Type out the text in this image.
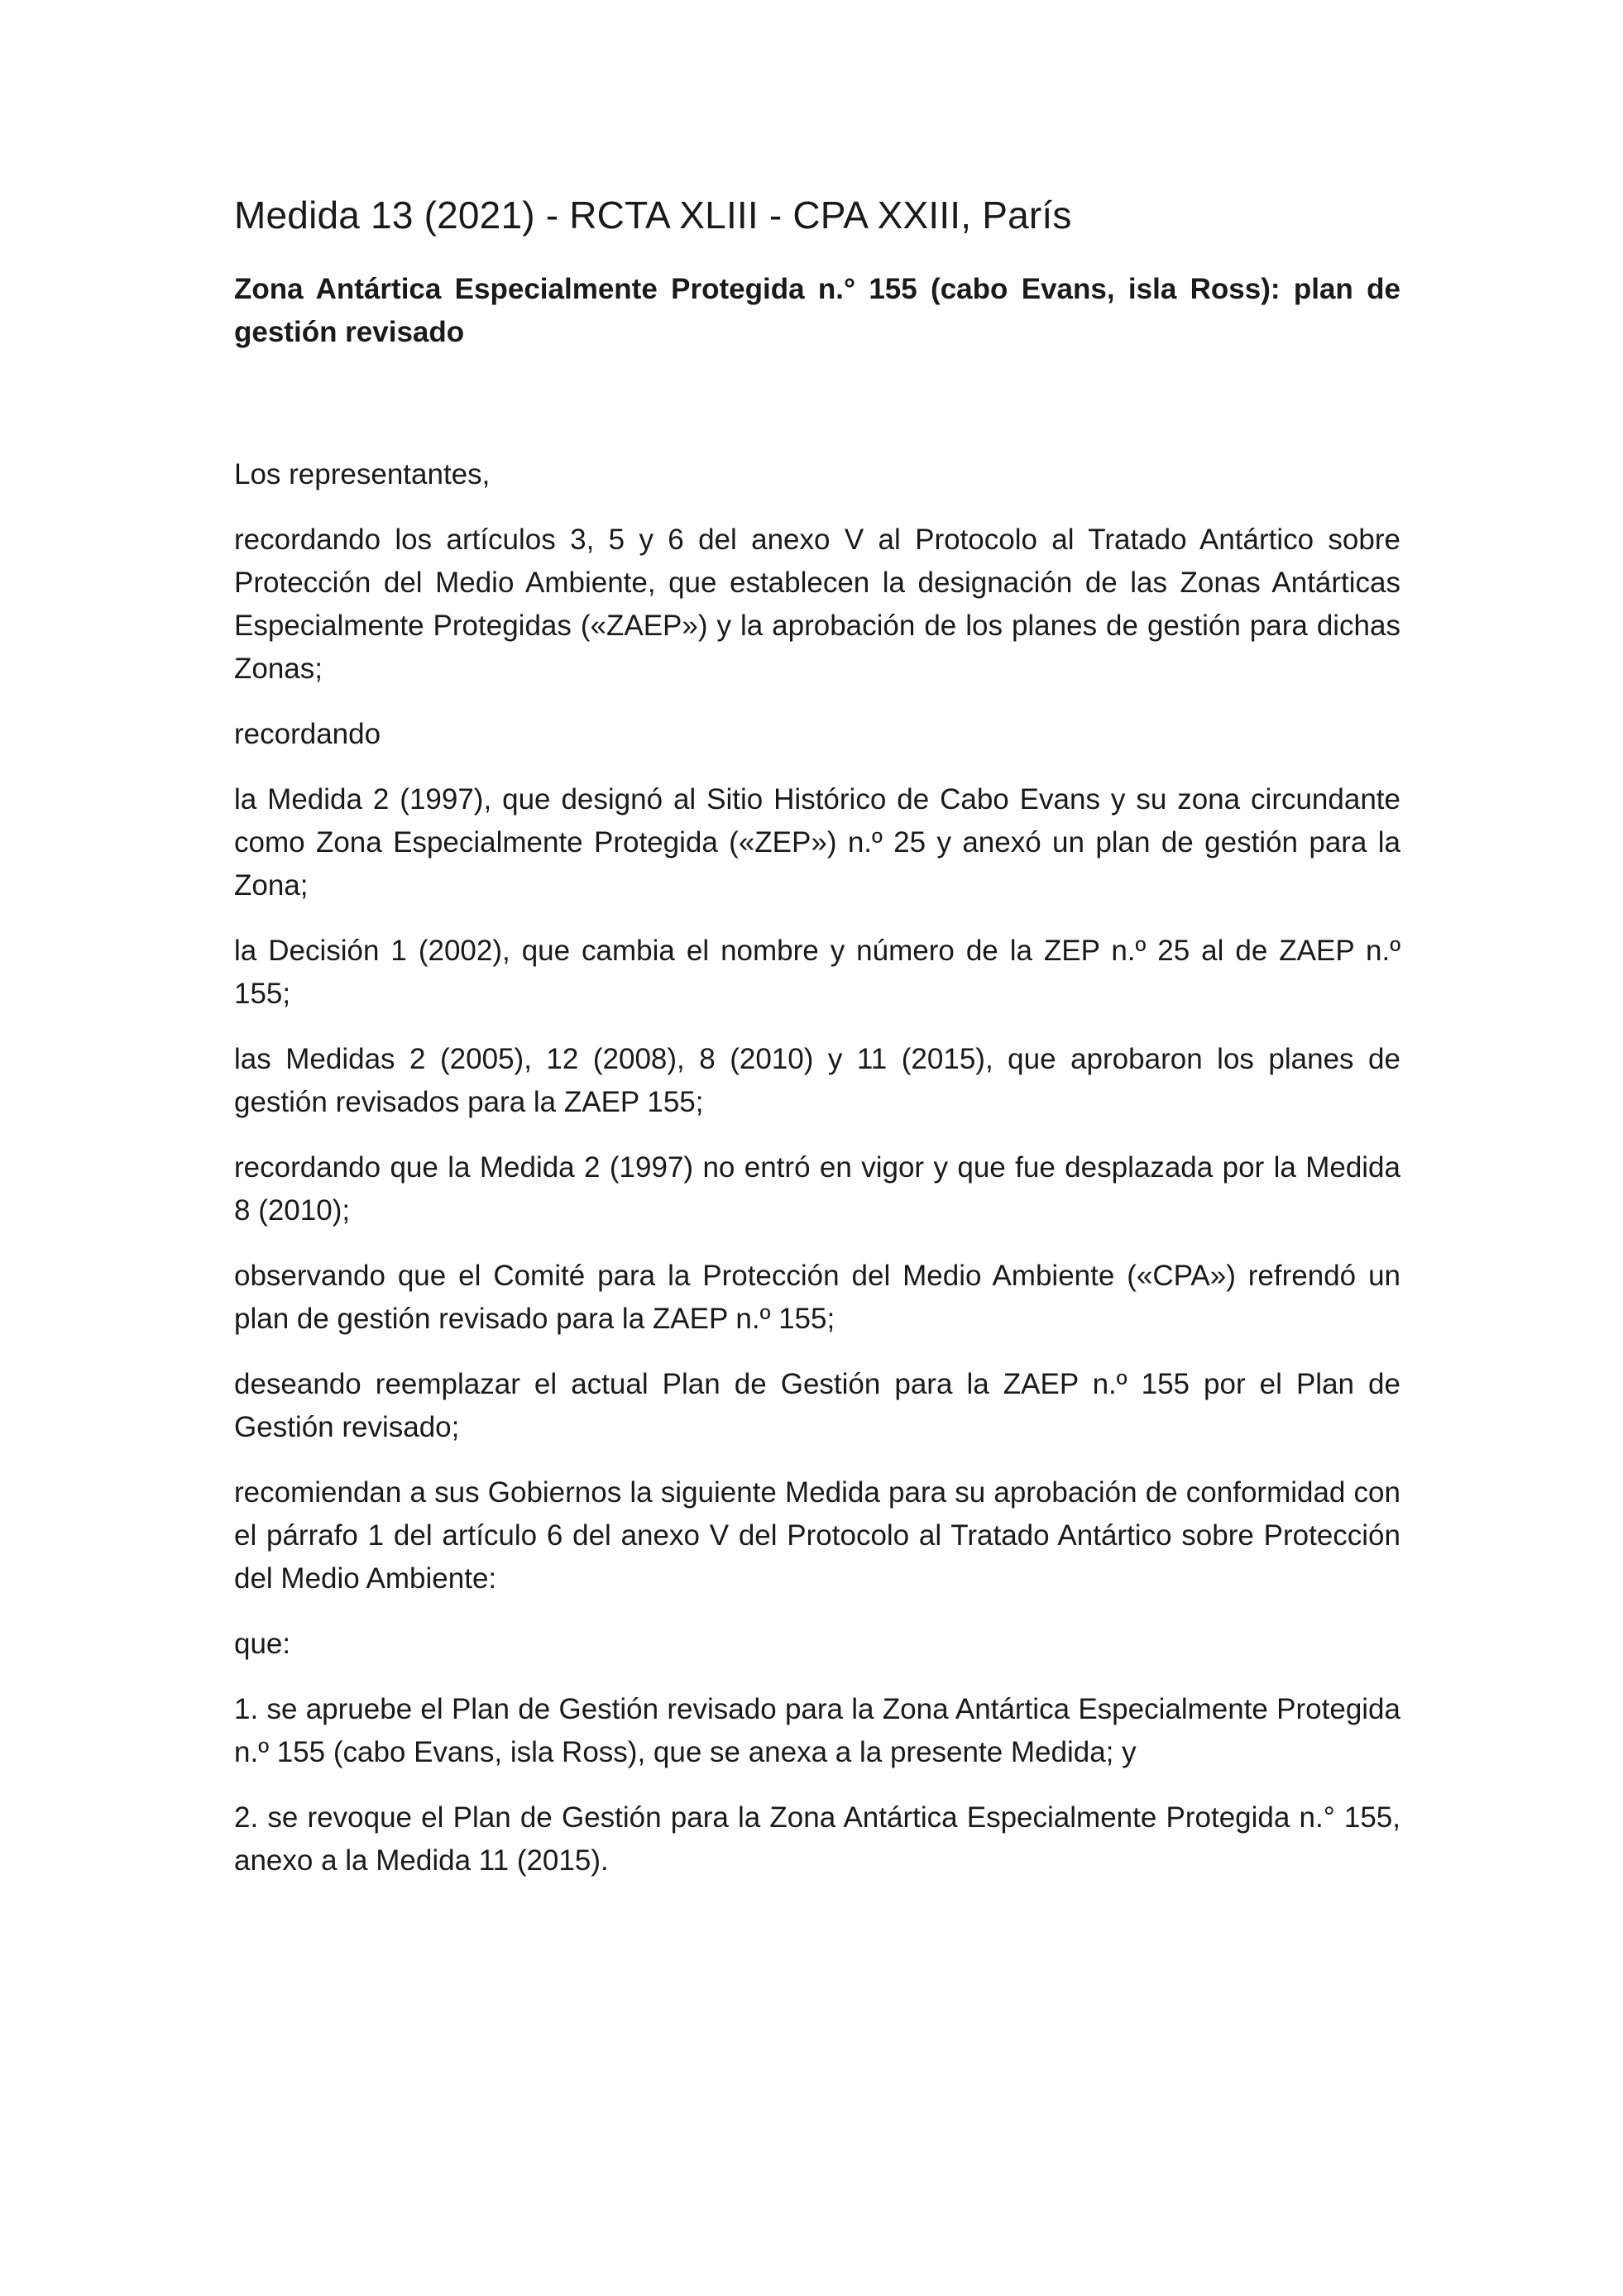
Medida 13 (2021) - RCTA XLIII - CPA XXIII, París
Zona Antártica Especialmente Protegida n.° 155 (cabo Evans, isla Ross): plan de gestión revisado

Los representantes,

recordando los artículos 3, 5 y 6 del anexo V al Protocolo al Tratado Antártico sobre Protección del Medio Ambiente, que establecen la designación de las Zonas Antárticas Especialmente Protegidas («ZAEP») y la aprobación de los planes de gestión para dichas Zonas;

recordando

la Medida 2 (1997), que designó al Sitio Histórico de Cabo Evans y su zona circundante como Zona Especialmente Protegida («ZEP») n.º 25 y anexó un plan de gestión para la Zona;

la Decisión 1 (2002), que cambia el nombre y número de la ZEP n.º 25 al de ZAEP n.º 155;

las Medidas 2 (2005), 12 (2008), 8 (2010) y 11 (2015), que aprobaron los planes de gestión revisados para la ZAEP 155;

recordando que la Medida 2 (1997) no entró en vigor y que fue desplazada por la Medida 8 (2010);

observando que el Comité para la Protección del Medio Ambiente («CPA») refrendó un plan de gestión revisado para la ZAEP n.º 155;

deseando reemplazar el actual Plan de Gestión para la ZAEP n.º 155 por el Plan de Gestión revisado;

recomiendan a sus Gobiernos la siguiente Medida para su aprobación de conformidad con el párrafo 1 del artículo 6 del anexo V del Protocolo al Tratado Antártico sobre Protección del Medio Ambiente:

que:

1. se apruebe el Plan de Gestión revisado para la Zona Antártica Especialmente Protegida n.º 155 (cabo Evans, isla Ross), que se anexa a la presente Medida; y

2. se revoque el Plan de Gestión para la Zona Antártica Especialmente Protegida n.° 155, anexo a la Medida 11 (2015).
